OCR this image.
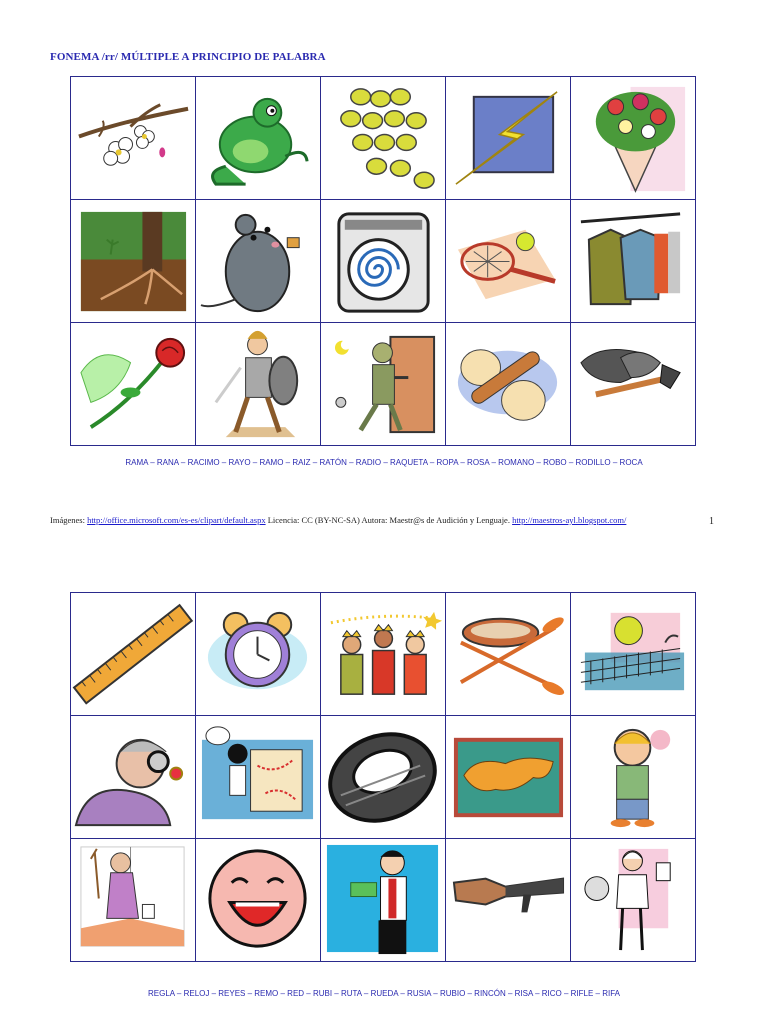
FONEMA /rr/ MÚLTIPLE A PRINCIPIO DE PALABRA
RAMA – RANA – RACIMO – RAYO – RAMO – RAIZ – RATÓN – RADIO – RAQUETA – ROPA – ROSA – ROMANO – ROBO – RODILLO – ROCA
Imágenes: http://office.microsoft.com/es-es/clipart/default.aspx Licencia: CC (BY-NC-SA) Autora: Maestr@s de Audición y Lenguaje. http://maestros-ayl.blogspot.com/	1
REGLA – RELOJ – REYES – REMO – RED – RUBI – RUTA – RUEDA – RUSIA – RUBIO – RINCÓN – RISA – RICO – RIFLE – RIFA
